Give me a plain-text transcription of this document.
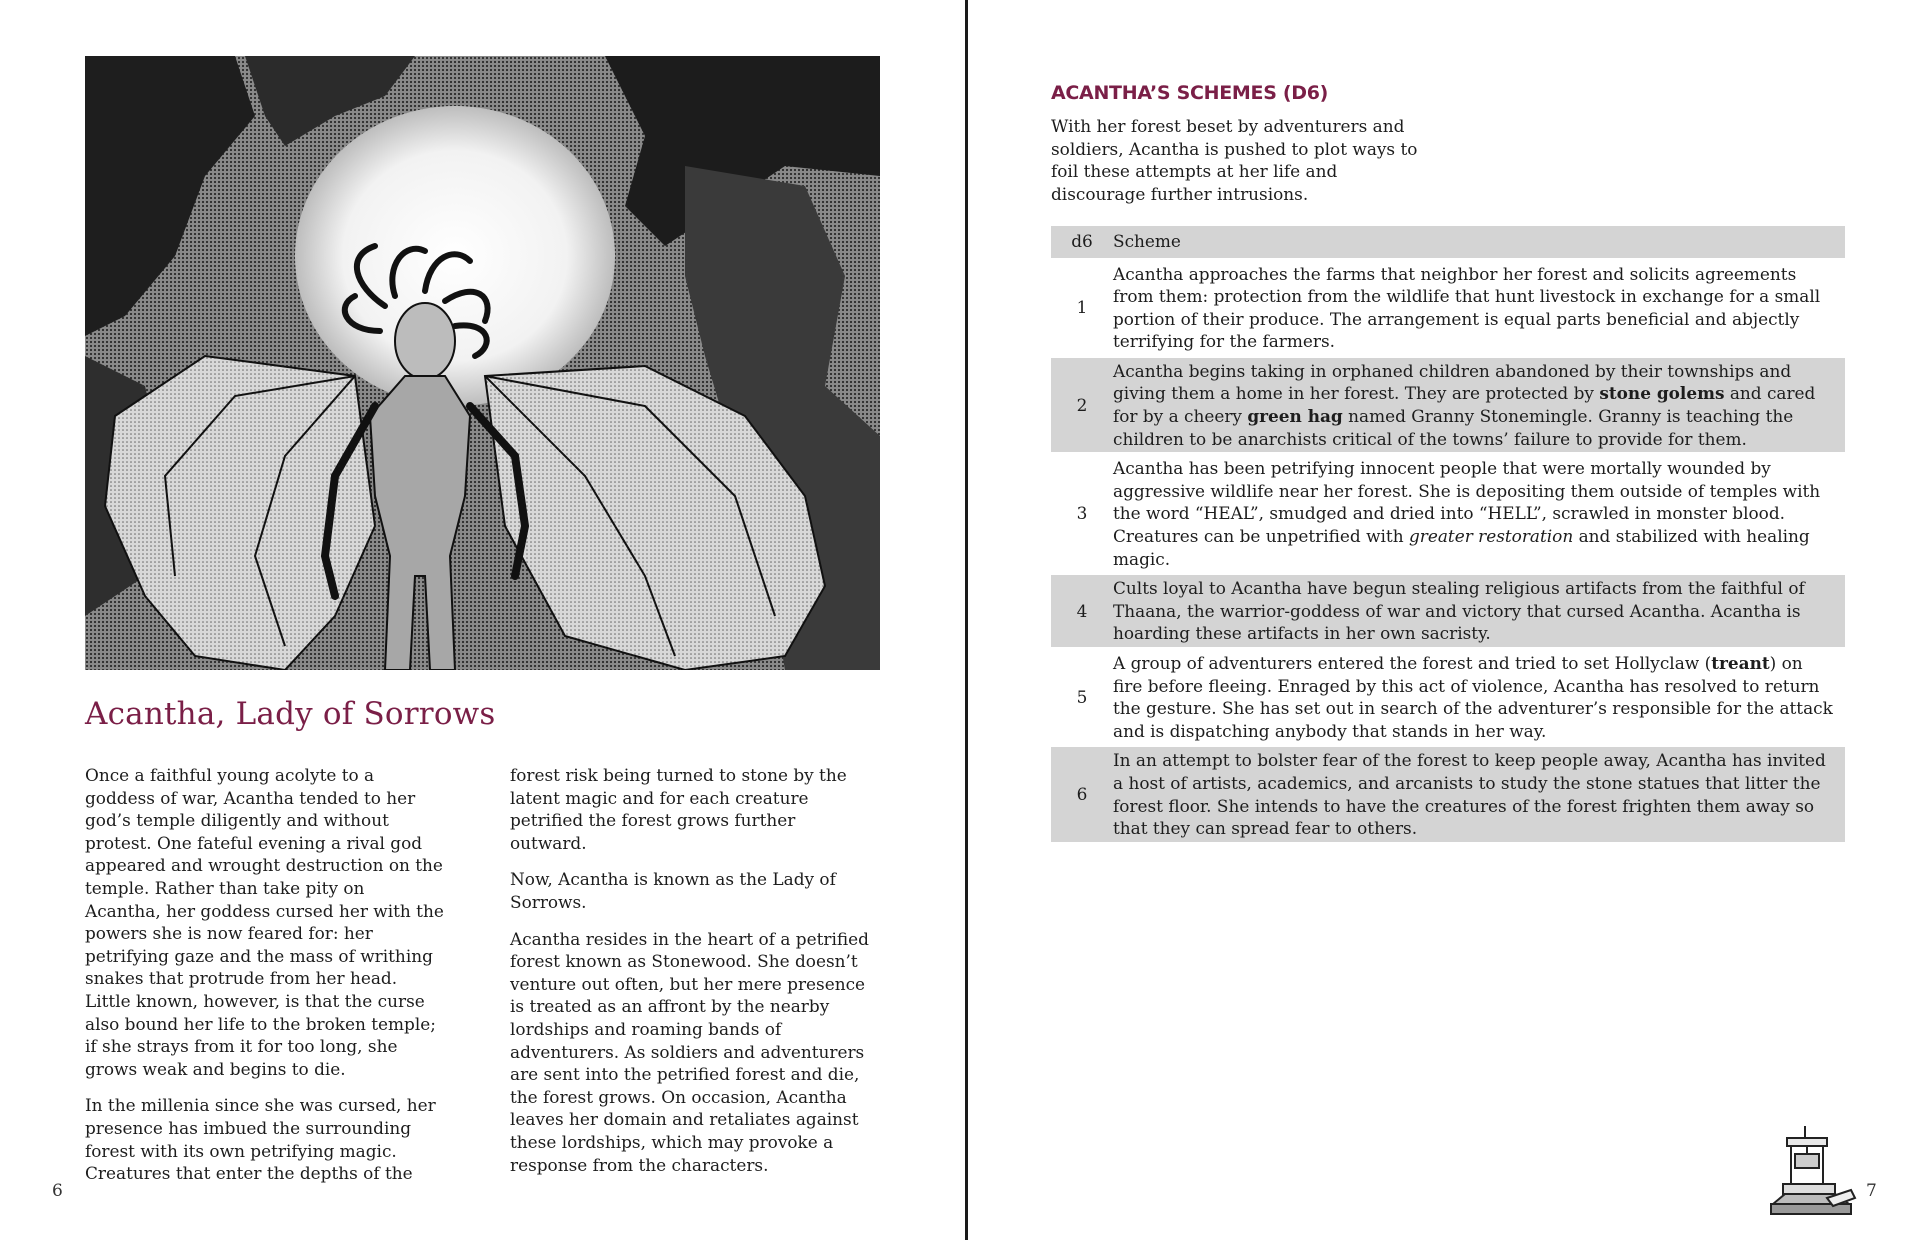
Acantha, Lady of Sorrows

Once a faithful young acolyte to a goddess of war, Acantha tended to her god’s temple diligently and without protest. One fateful evening a rival god appeared and wrought destruction on the temple. Rather than take pity on Acantha, her goddess cursed her with the powers she is now feared for: her petrifying gaze and the mass of writhing snakes that protrude from her head. Little known, however, is that the curse also bound her life to the broken temple; if she strays from it for too long, she grows weak and begins to die.

In the millenia since she was cursed, her presence has imbued the surrounding forest with its own petrifying magic. Creatures that enter the depths of the

forest risk being turned to stone by the latent magic and for each creature petrified the forest grows further outward.

Now, Acantha is known as the Lady of Sorrows.

Acantha resides in the heart of a petrified forest known as Stonewood. She doesn’t venture out often, but her mere presence is treated as an affront by the nearby lordships and roaming bands of adventurers. As soldiers and adventurers are sent into the petrified forest and die, the forest grows. On occasion, Acantha leaves her domain and retaliates against these lordships, which may provoke a response from the characters.

6
ACANTHA’S SCHEMES (D6)

With her forest beset by adventurers and soldiers, Acantha is pushed to plot ways to foil these attempts at her life and discourage further intrusions.

d6	Scheme
1	Acantha approaches the farms that neighbor her forest and solicits agreements from them: protection from the wildlife that hunt livestock in exchange for a small portion of their produce. The arrangement is equal parts beneficial and abjectly terrifying for the farmers.
2	Acantha begins taking in orphaned children abandoned by their townships and giving them a home in her forest. They are protected by stone golems and cared for by a cheery green hag named Granny Stonemingle. Granny is teaching the children to be anarchists critical of the towns’ failure to provide for them.
3	Acantha has been petrifying innocent people that were mortally wounded by aggressive wildlife near her forest. She is depositing them outside of temples with the word “HEAL”, smudged and dried into “HELL”, scrawled in monster blood. Creatures can be unpetrified with greater restoration and stabilized with healing magic.
4	Cults loyal to Acantha have begun stealing religious artifacts from the faithful of Thaana, the warrior-goddess of war and victory that cursed Acantha. Acantha is hoarding these artifacts in her own sacristy.
5	A group of adventurers entered the forest and tried to set Hollyclaw (treant) on fire before fleeing. Enraged by this act of violence, Acantha has resolved to return the gesture. She has set out in search of the adventurer’s responsible for the attack and is dispatching anybody that stands in her way.
6	In an attempt to bolster fear of the forest to keep people away, Acantha has invited a host of artists, academics, and arcanists to study the stone statues that litter the forest floor. She intends to have the creatures of the forest frighten them away so that they can spread fear to others.
7
